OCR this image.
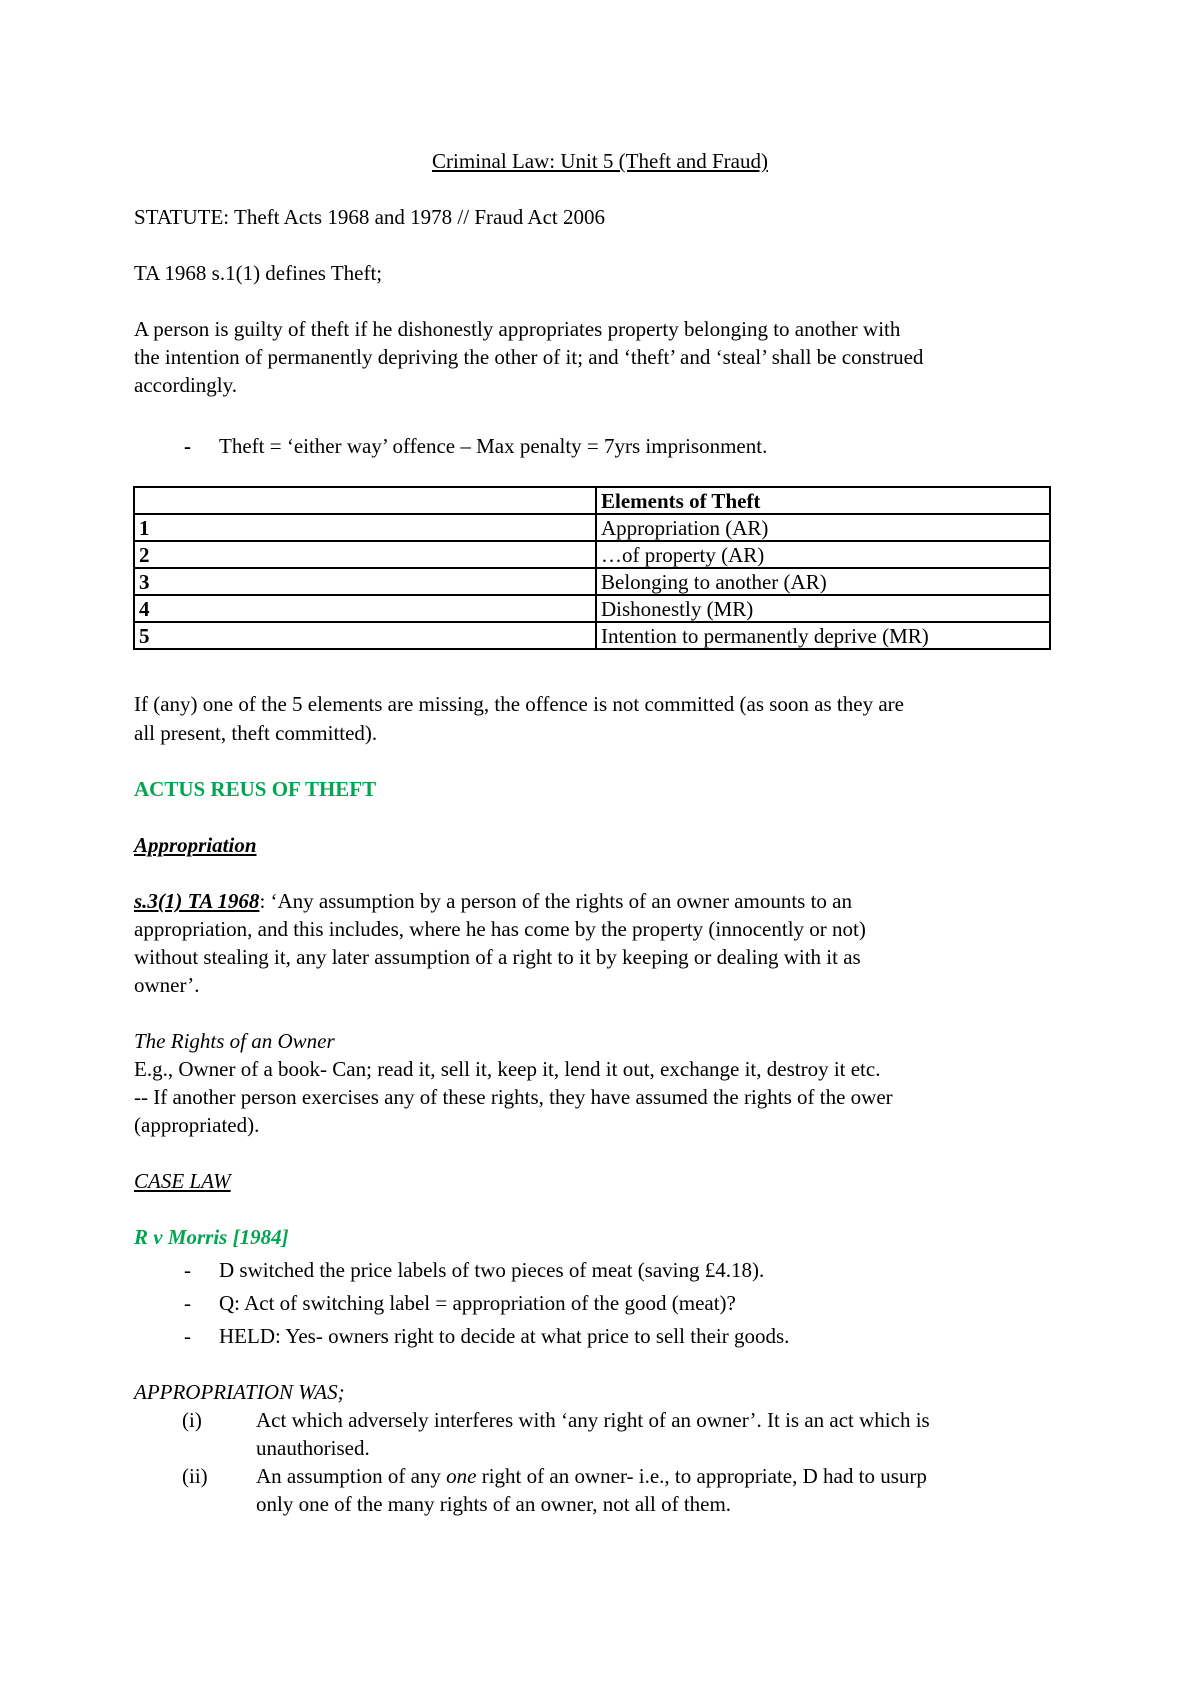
Criminal Law: Unit 5 (Theft and Fraud)
STATUTE: Theft Acts 1968 and 1978 // Fraud Act 2006
TA 1968 s.1(1) defines Theft;
A person is guilty of theft if he dishonestly appropriates property belonging to another with
the intention of permanently depriving the other of it; and ‘theft’ and ‘steal’ shall be construed
accordingly.
- Theft = ‘either way’ offence – Max penalty = 7yrs imprisonment.
	Elements of Theft
1	Appropriation (AR)
2	…of property (AR)
3	Belonging to another (AR)
4	Dishonestly (MR)
5	Intention to permanently deprive (MR)
If (any) one of the 5 elements are missing, the offence is not committed (as soon as they are
all present, theft committed).
ACTUS REUS OF THEFT
Appropriation
s.3(1) TA 1968: ‘Any assumption by a person of the rights of an owner amounts to an
appropriation, and this includes, where he has come by the property (innocently or not)
without stealing it, any later assumption of a right to it by keeping or dealing with it as
owner’.
The Rights of an Owner
E.g., Owner of a book- Can; read it, sell it, keep it, lend it out, exchange it, destroy it etc.
-- If another person exercises any of these rights, they have assumed the rights of the ower
(appropriated).
CASE LAW
R v Morris [1984]
- D switched the price labels of two pieces of meat (saving £4.18).
- Q: Act of switching label = appropriation of the good (meat)?
- HELD: Yes- owners right to decide at what price to sell their goods.
APPROPRIATION WAS;
(i)	Act which adversely interferes with ‘any right of an owner’. It is an act which is
unauthorised.
(ii) An assumption of any one right of an owner- i.e., to appropriate, D had to usurp
only one of the many rights of an owner, not all of them.
